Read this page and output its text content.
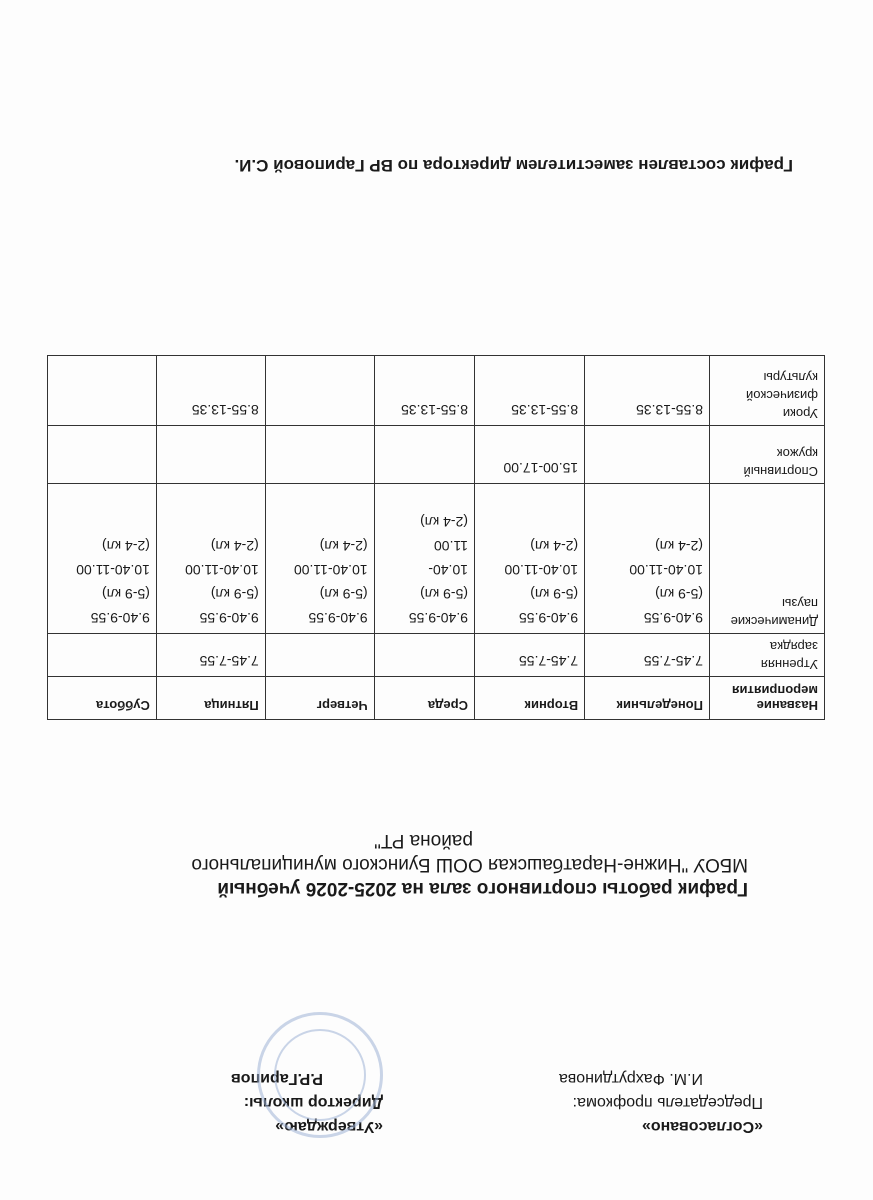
«Согласовано»
Председатель профкома:
И.М. Фахрутдинова
«Утверждаю»
Директор школы:
Р.Р.Гарипов
График работы спортивного зала на 2025-2026 учебный
МБОУ "Нижне-Наратбашская ООШ Буинского муниципального
района РТ"
Название мероприятия	Понедельник	Вторник	Среда	Четверг	Пятница	Суббота
Утренняя зарядка	7.45-7.55	7.45-7.55			7.45-7.55	

Динамические паузы	9.40-9.55
(5-9 кл)
10.40-11.00
(2-4 кл)	9.40-9.55
(5-9 кл)
10.40-11.00
(2-4 кл)	9.40-9.55
(5-9 кл)
10.40-
11.00
(2-4 кл)	9.40-9.55
(5-9 кл)
10.40-11.00
(2-4 кл)	9.40-9.55
(5-9 кл)
10.40-11.00
(2-4 кл)	9.40-9.55
(5-9 кл)
10.40-11.00
(2-4 кл)

Спортивный кружок		15.00-17.00				

Уроки физической культуры	8.55-13.35	8.55-13.35	8.55-13.35		8.55-13.35	

График составлен заместителем директора по ВР Гариповой С.И.
